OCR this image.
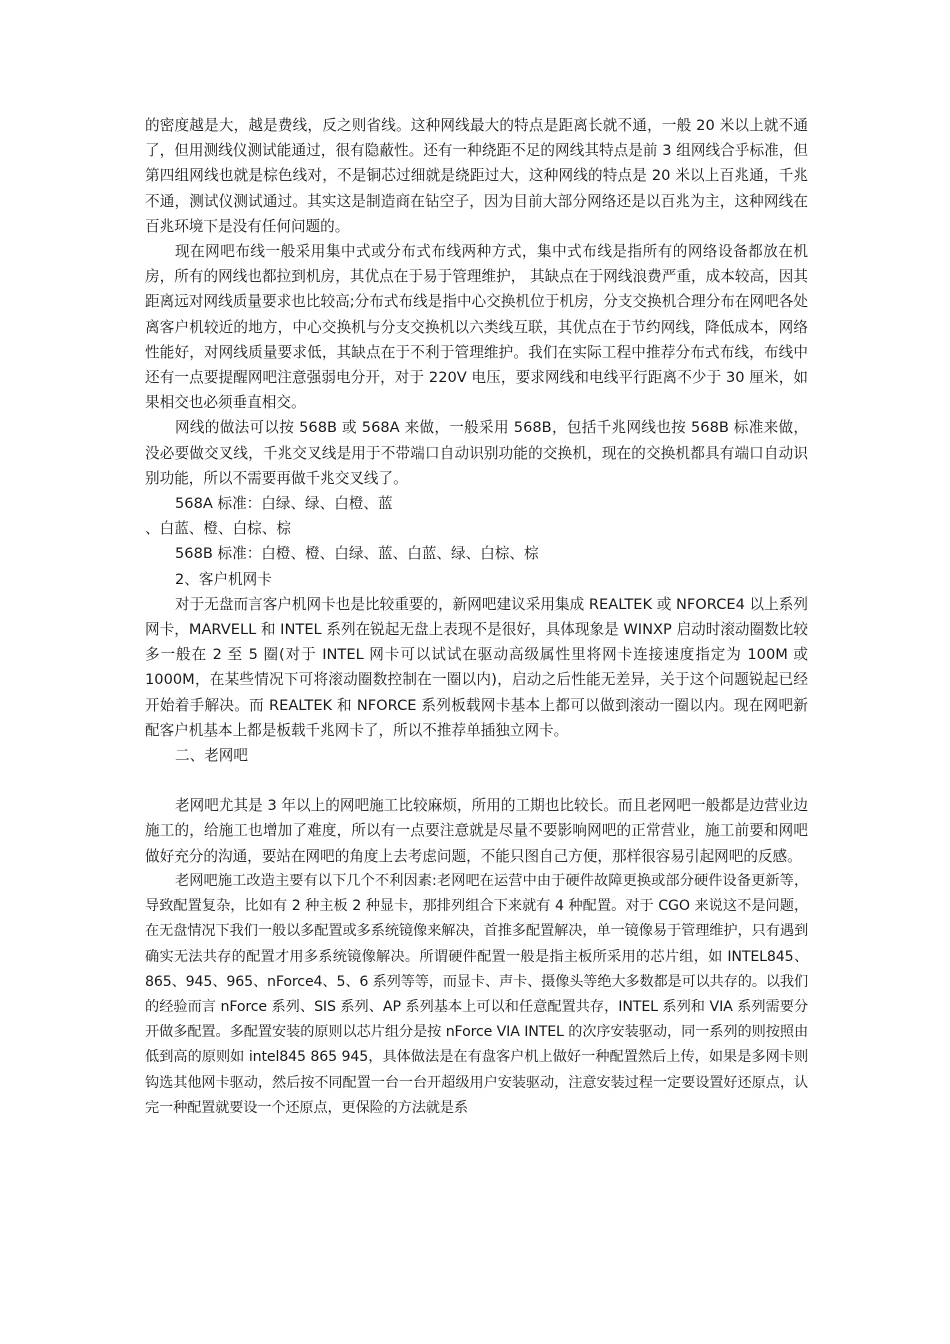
的密度越是大，越是费线，反之则省线。这种网线最大的特点是距离长就不通，一般 20 米以上就不通了，但用测线仪测试能通过，很有隐蔽性。还有一种绕距不足的网线其特点是前 3 组网线合乎标准，但第四组网线也就是棕色线对，不是铜芯过细就是绕距过大，这种网线的特点是 20 米以上百兆通，千兆不通，测试仪测试通过。其实这是制造商在钻空子，因为目前大部分网络还是以百兆为主，这种网线在百兆环境下是没有任何问题的。

现在网吧布线一般采用集中式或分布式布线两种方式，集中式布线是指所有的网络设备都放在机房，所有的网线也都拉到机房，其优点在于易于管理维护， 其缺点在于网线浪费严重，成本较高，因其距离远对网线质量要求也比较高;分布式布线是指中心交换机位于机房，分支交换机合理分布在网吧各处离客户机较近的地方，中心交换机与分支交换机以六类线互联，其优点在于节约网线，降低成本，网络性能好，对网线质量要求低，其缺点在于不利于管理维护。我们在实际工程中推荐分布式布线，布线中还有一点要提醒网吧注意强弱电分开，对于 220V 电压，要求网线和电线平行距离不少于 30 厘米，如果相交也必须垂直相交。

网线的做法可以按 568B 或 568A 来做，一般采用 568B，包括千兆网线也按 568B 标准来做，没必要做交叉线，千兆交叉线是用于不带端口自动识别功能的交换机，现在的交换机都具有端口自动识别功能，所以不需要再做千兆交叉线了。

568A 标准：白绿、绿、白橙、蓝

、白蓝、橙、白棕、棕

568B 标准：白橙、橙、白绿、蓝、白蓝、绿、白棕、棕

2、客户机网卡

对于无盘而言客户机网卡也是比较重要的，新网吧建议采用集成 REALTEK 或 NFORCE4 以上系列网卡，MARVELL 和 INTEL 系列在锐起无盘上表现不是很好，具体现象是 WINXP 启动时滚动圈数比较多一般在 2 至 5 圈(对于 INTEL 网卡可以试试在驱动高级属性里将网卡连接速度指定为 100M 或 1000M，在某些情况下可将滚动圈数控制在一圈以内)，启动之后性能无差异，关于这个问题锐起已经开始着手解决。而 REALTEK 和 NFORCE 系列板载网卡基本上都可以做到滚动一圈以内。现在网吧新配客户机基本上都是板载千兆网卡了，所以不推荐单插独立网卡。

二、老网吧

老网吧尤其是 3 年以上的网吧施工比较麻烦，所用的工期也比较长。而且老网吧一般都是边营业边施工的，给施工也增加了难度，所以有一点要注意就是尽量不要影响网吧的正常营业，施工前要和网吧做好充分的沟通，要站在网吧的角度上去考虑问题，不能只图自己方便，那样很容易引起网吧的反感。

老网吧施工改造主要有以下几个不利因素:老网吧在运营中由于硬件故障更换或部分硬件设备更新等，导致配置复杂，比如有 2 种主板 2 种显卡，那排列组合下来就有 4 种配置。对于 CGO 来说这不是问题，在无盘情况下我们一般以多配置或多系统镜像来解决，首推多配置解决，单一镜像易于管理维护，只有遇到确实无法共存的配置才用多系统镜像解决。所谓硬件配置一般是指主板所采用的芯片组，如 INTEL845、865、945、965、nForce4、5、6 系列等等，而显卡、声卡、摄像头等绝大多数都是可以共存的。以我们的经验而言 nForce 系列、SIS 系列、AP 系列基本上可以和任意配置共存，INTEL 系列和 VIA 系列需要分开做多配置。多配置安装的原则以芯片组分是按 nForce VIA INTEL 的次序安装驱动，同一系列的则按照由低到高的原则如 intel845 865 945，具体做法是在有盘客户机上做好一种配置然后上传，如果是多网卡则钩选其他网卡驱动，然后按不同配置一台一台开超级用户安装驱动，注意安装过程一定要设置好还原点，认完一种配置就要设一个还原点，更保险的方法就是系
